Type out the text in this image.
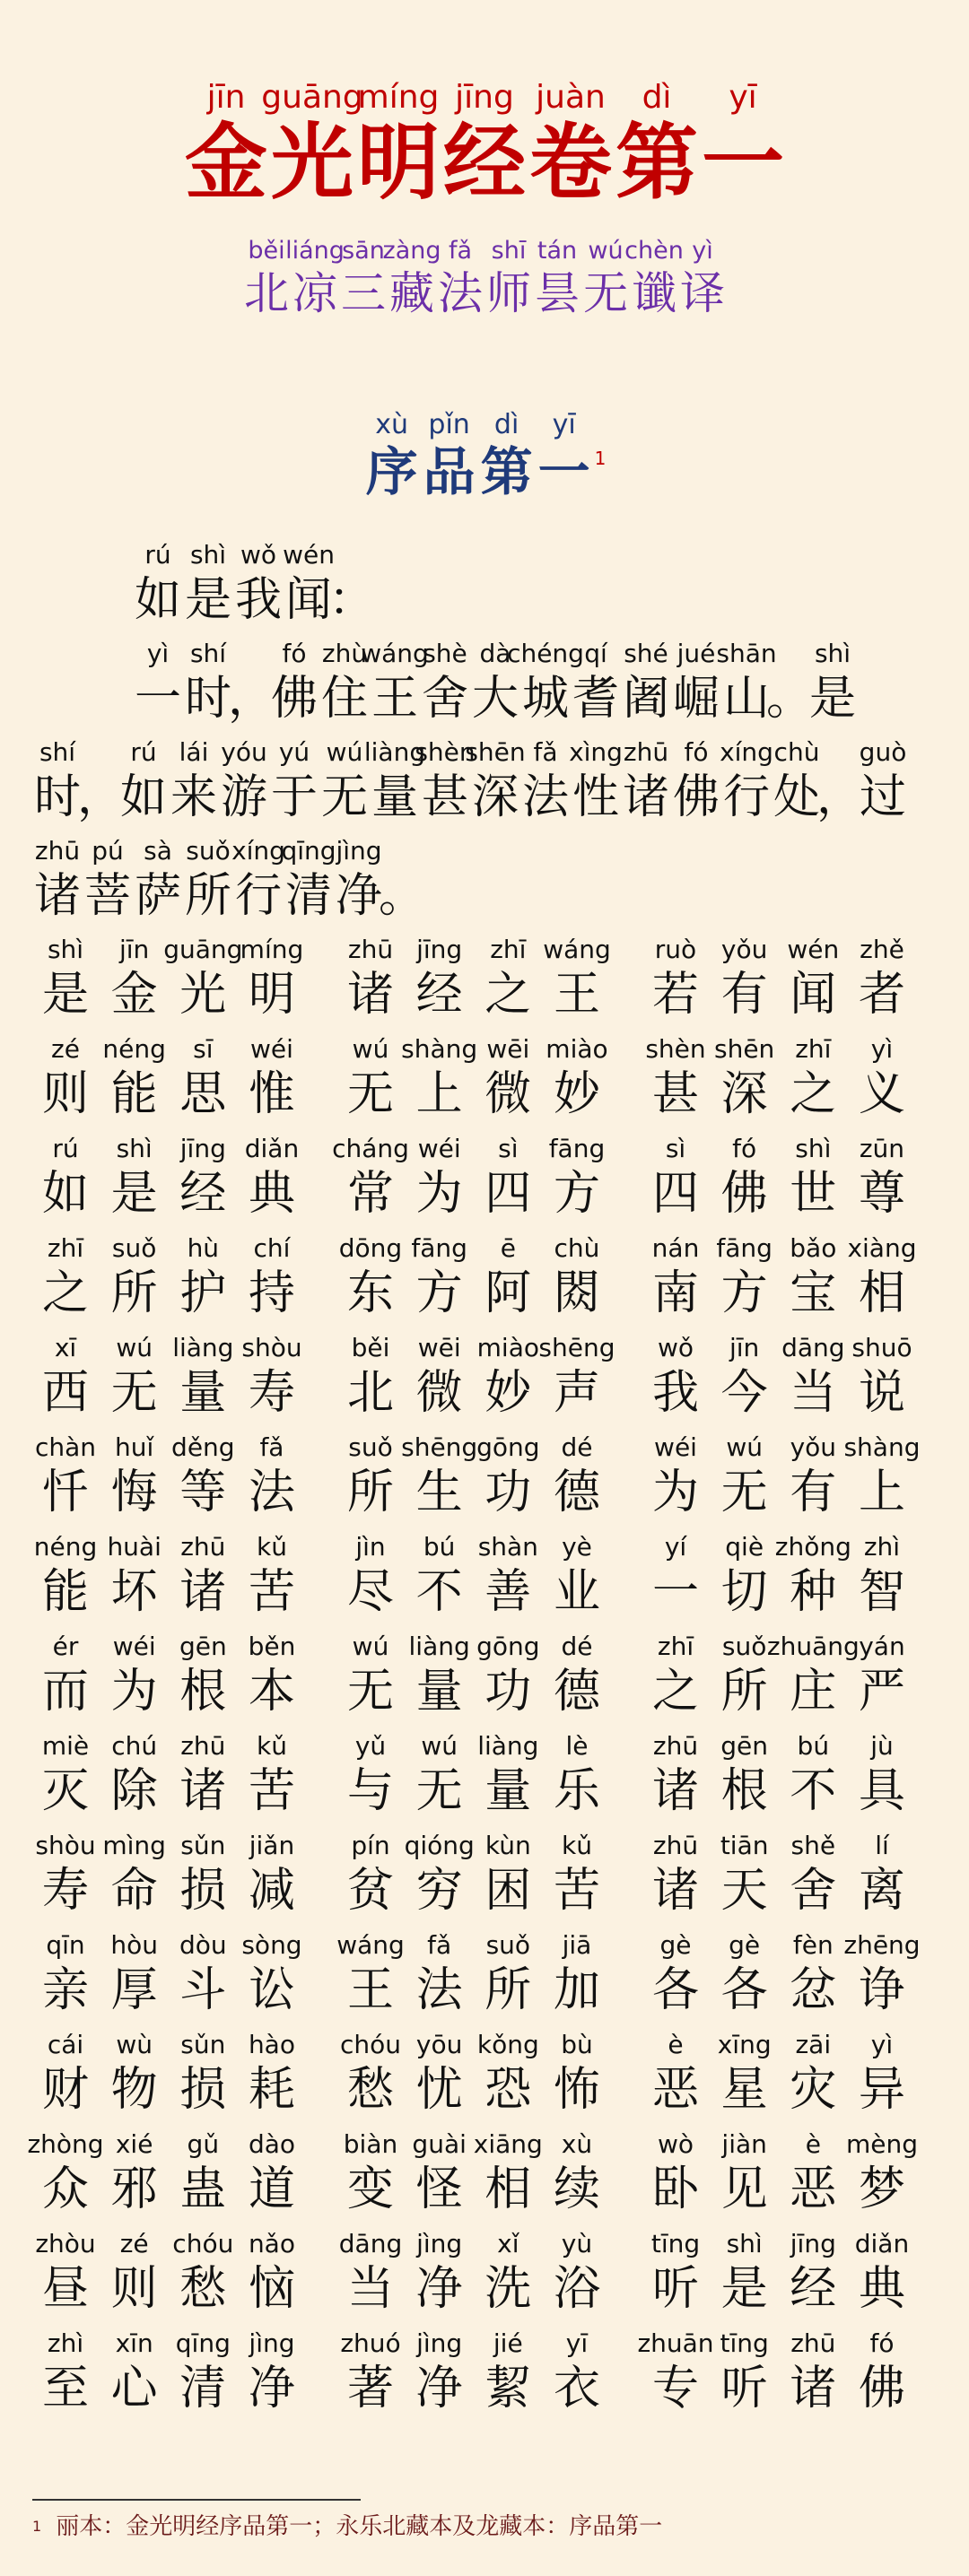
jīn
金
guāng
光
míng
明
jīng
经
juàn
卷
dì
第
yī
一
běi
北
liáng
凉
sān
三
zàng
藏
fǎ
法
shī
师
tán
昙
wú
无
chèn
谶
yì
译
xù
序
pǐn
品
dì
第
yī
一 1
rú
如
shì
是
wǒ
我
wén
闻

：
yì
一
shí
时

，
fó
佛
zhù
住
wáng
王
shè
舍
dà
大
chéng
城
qí
耆
shé
阇
jué
崛
shān
山

。
shì
是
shí
时

，
rú
如
lái
来
yóu
游
yú
于
wú
无
liàng
量
shèn
甚
shēn
深
fǎ
法
xìng
性
zhū
诸
fó
佛
xíng
行
chù
处

，
guò
过
zhū
诸
pú
菩
sà
萨
suǒ
所
xíng
行
qīng
清
jìng
净

。
shì
是
jīn
金
guāng
光
míng
明
zhū
诸
jīng
经
zhī
之
wáng
王
ruò
若
yǒu
有
wén
闻
zhě
者
zé
则
néng
能
sī
思
wéi
惟
wú
无
shàng
上
wēi
微
miào
妙
shèn
甚
shēn
深
zhī
之
yì
义
rú
如
shì
是
jīng
经
diǎn
典
cháng
常
wéi
为
sì
四
fāng
方
sì
四
fó
佛
shì
世
zūn
尊
zhī
之
suǒ
所
hù
护
chí
持
dōng
东
fāng
方
ē
阿
chù
閦
nán
南
fāng
方
bǎo
宝
xiàng
相
xī
西
wú
无
liàng
量
shòu
寿
běi
北
wēi
微
miào
妙
shēng
声
wǒ
我
jīn
今
dāng
当
shuō
说
chàn
忏
huǐ
悔
děng
等
fǎ
法
suǒ
所
shēng
生
gōng
功
dé
德
wéi
为
wú
无
yǒu
有
shàng
上
néng
能
huài
坏
zhū
诸
kǔ
苦
jìn
尽
bú
不
shàn
善
yè
业
yí
一
qiè
切
zhǒng
种
zhì
智
ér
而
wéi
为
gēn
根
běn
本
wú
无
liàng
量
gōng
功
dé
德
zhī
之
suǒ
所
zhuāng
庄
yán
严
miè
灭
chú
除
zhū
诸
kǔ
苦
yǔ
与
wú
无
liàng
量
lè
乐
zhū
诸
gēn
根
bú
不
jù
具
shòu
寿
mìng
命
sǔn
损
jiǎn
减
pín
贫
qióng
穷
kùn
困
kǔ
苦
zhū
诸
tiān
天
shě
舍
lí
离
qīn
亲
hòu
厚
dòu
斗
sòng
讼
wáng
王
fǎ
法
suǒ
所
jiā
加
gè
各
gè
各
fèn
忿
zhēng
诤
cái
财
wù
物
sǔn
损
hào
耗
chóu
愁
yōu
忧
kǒng
恐
bù
怖
è
恶
xīng
星
zāi
灾
yì
异
zhòng
众
xié
邪
gǔ
蛊
dào
道
biàn
变
guài
怪
xiāng
相
xù
续
wò
卧
jiàn
见
è
恶
mèng
梦
zhòu
昼
zé
则
chóu
愁
nǎo
恼
dāng
当
jìng
净
xǐ
洗
yù
浴
tīng
听
shì
是
jīng
经
diǎn
典
zhì
至
xīn
心
qīng
清
jìng
净
zhuó
著
jìng
净
jié
絜
yī
衣
zhuān
专
tīng
听
zhū
诸
fó
佛
$^1$ 丽本：金光明经序品第一；永乐北藏本及龙藏本：序品第一
